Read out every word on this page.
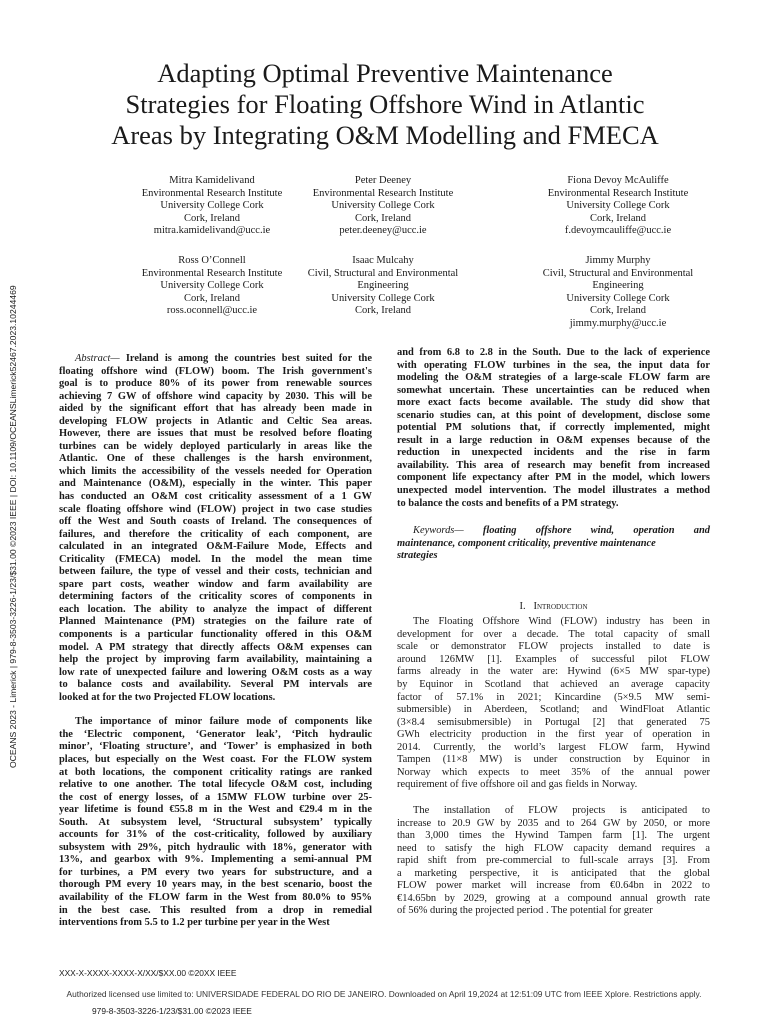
Adapting Optimal Preventive Maintenance
Strategies for Floating Offshore Wind in Atlantic
Areas by Integrating O&M Modelling and FMECA
Mitra Kamidelivand
Environmental Research Institute
University College Cork
Cork, Ireland
mitra.kamidelivand@ucc.ie
Peter Deeney
Environmental Research Institute
University College Cork
Cork, Ireland
peter.deeney@ucc.ie
Fiona Devoy McAuliffe
Environmental Research Institute
University College Cork
Cork, Ireland
f.devoymcauliffe@ucc.ie
Ross O’Connell
Environmental Research Institute
University College Cork
Cork, Ireland
ross.oconnell@ucc.ie
Isaac Mulcahy
Civil, Structural and Environmental
Engineering
University College Cork
Cork, Ireland
Jimmy Murphy
Civil, Structural and Environmental
Engineering
University College Cork
Cork, Ireland
jimmy.murphy@ucc.ie
OCEANS 2023 - Limerick | 979-8-3503-3226-1/23/$31.00 ©2023 IEEE | DOI: 10.1109/OCEANSLimerick52467.2023.10244469	Abstract— Ireland is among the countries best suited for the
floating offshore wind (FLOW) boom. The Irish government's
goal is to produce 80% of its power from renewable sources
achieving 7 GW of offshore wind capacity by 2030. This will be
aided by the significant effort that has already been made in
developing FLOW projects in Atlantic and Celtic Sea areas.
However, there are issues that must be resolved before floating
turbines can be widely deployed particularly in areas like the
Atlantic. One of these challenges is the harsh environment,
which limits the accessibility of the vessels needed for Operation
and Maintenance (O&M), especially in the winter. This paper
has conducted an O&M cost criticality assessment of a 1 GW
scale floating offshore wind (FLOW) project in two case studies
off the West and South coasts of Ireland. The consequences of
failures, and therefore the criticality of each component, are
calculated in an integrated O&M-Failure Mode, Effects and
Criticality (FMECA) model. In the model the mean time
between failure, the type of vessel and their costs, technician and
spare part costs, weather window and farm availability are
determining factors of the criticality scores of components in
each location. The ability to analyze the impact of different
Planned Maintenance (PM) strategies on the failure rate of
components is a particular functionality offered in this O&M
model. A PM strategy that directly affects O&M expenses can
help the project by improving farm availability, maintaining a
low rate of unexpected failure and lowering O&M costs as a way
to balance costs and availability. Several PM intervals are
looked at for the two Projected FLOW locations.
The importance of minor failure mode of components like
the ‘Electric component, ‘Generator leak’, ‘Pitch hydraulic
minor’, ‘Floating structure’, and ‘Tower’ is emphasized in both
places, but especially on the West coast. For the FLOW system
at both locations, the component criticality ratings are ranked
relative to one another. The total lifecycle O&M cost, including
the cost of energy losses, of a 15MW FLOW turbine over 25-
year lifetime is found €55.8 m in the West and €29.4 m in the
South. At subsystem level, ‘Structural subsystem’ typically
accounts for 31% of the cost-criticality, followed by auxiliary
subsystem with 29%, pitch hydraulic with 18%, generator with
13%, and gearbox with 9%. Implementing a semi-annual PM
for turbines, a PM every two years for substructure, and a
thorough PM every 10 years may, in the best scenario, boost the
availability of the FLOW farm in the West from 80.0% to 95%
in the best case. This resulted from a drop in remedial
interventions from 5.5 to 1.2 per turbine per year in the West
and from 6.8 to 2.8 in the South. Due to the lack of experience
with operating FLOW turbines in the sea, the input data for
modeling the O&M strategies of a large-scale FLOW farm are
somewhat uncertain. These uncertainties can be reduced when
more exact facts become available. The study did show that
scenario studies can, at this point of development, disclose some
potential PM solutions that, if correctly implemented, might
result in a large reduction in O&M expenses because of the
reduction in unexpected incidents and the rise in farm
availability. This area of research may benefit from increased
component life expectancy after PM in the model, which lowers
unexpected model intervention. The model illustrates a method
to balance the costs and benefits of a PM strategy.
Keywords— floating offshore wind, operation and
maintenance, component criticality, preventive maintenance
strategies
I. Introduction
The Floating Offshore Wind (FLOW) industry has been in
development for over a decade. The total capacity of small
scale or demonstrator FLOW projects installed to date is
around 126MW [1]. Examples of successful pilot FLOW
farms already in the water are: Hywind (6×5 MW spar-type)
by Equinor in Scotland that achieved an average capacity
factor of 57.1% in 2021; Kincardine (5×9.5 MW semi-
submersible) in Aberdeen, Scotland; and WindFloat Atlantic
(3×8.4 semisubmersible) in Portugal [2] that generated 75
GWh electricity production in the first year of operation in
2014. Currently, the world’s largest FLOW farm, Hywind
Tampen (11×8 MW) is under construction by Equinor in
Norway which expects to meet 35% of the annual power
requirement of five offshore oil and gas fields in Norway.
The installation of FLOW projects is anticipated to
increase to 20.9 GW by 2035 and to 264 GW by 2050, or more
than 3,000 times the Hywind Tampen farm [1]. The urgent
need to satisfy the high FLOW capacity demand requires a
rapid shift from pre-commercial to full-scale arrays [3]. From
a marketing perspective, it is anticipated that the global
FLOW power market will increase from €0.64bn in 2022 to
€14.65bn by 2029, growing at a compound annual growth rate
of 56% during the projected period . The potential for greater
XXX-X-XXXX-XXXX-X/XX/$XX.00 ©20XX IEEE
Authorized licensed use limited to: UNIVERSIDADE FEDERAL DO RIO DE JANEIRO. Downloaded on April 19,2024 at 12:51:09 UTC from IEEE Xplore. Restrictions apply.
979-8-3503-3226-1/23/$31.00 ©2023 IEEE
